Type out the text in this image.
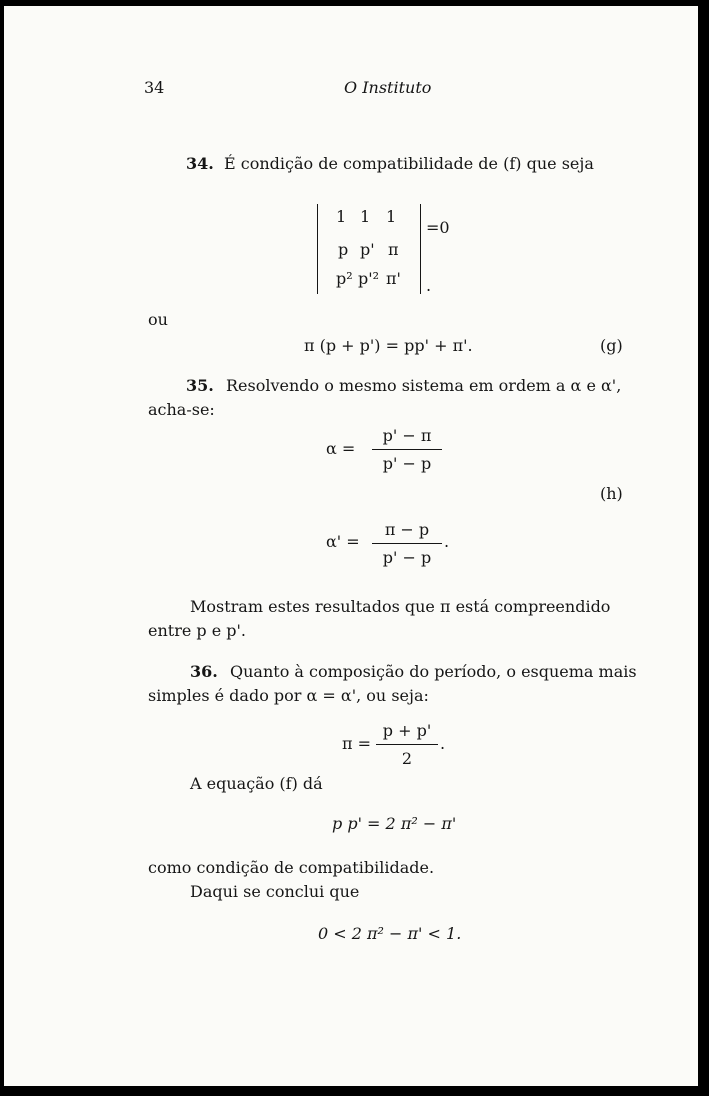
34	O Instituto
34. É condição de compatibilidade de (f) que seja
1 1 1
p p' π
p² p'² π'
=0
.
ou
π (p + p') = pp' + π'.	(g)
35. Resolvendo o mesmo sistema em ordem a α e α',
acha-se:
α =
p' − π
p' − p
(h)
α' =
π − p
p' − p
.
Mostram estes resultados que π está compreendido
entre p e p'.
36. Quanto à composição do período, o esquema mais
simples é dado por α = α', ou seja:
π =
p + p'
2
.
A equação (f) dá
p p' = 2 π² − π'
como condição de compatibilidade.
Daqui se conclui que
0 < 2 π² − π' < 1.
